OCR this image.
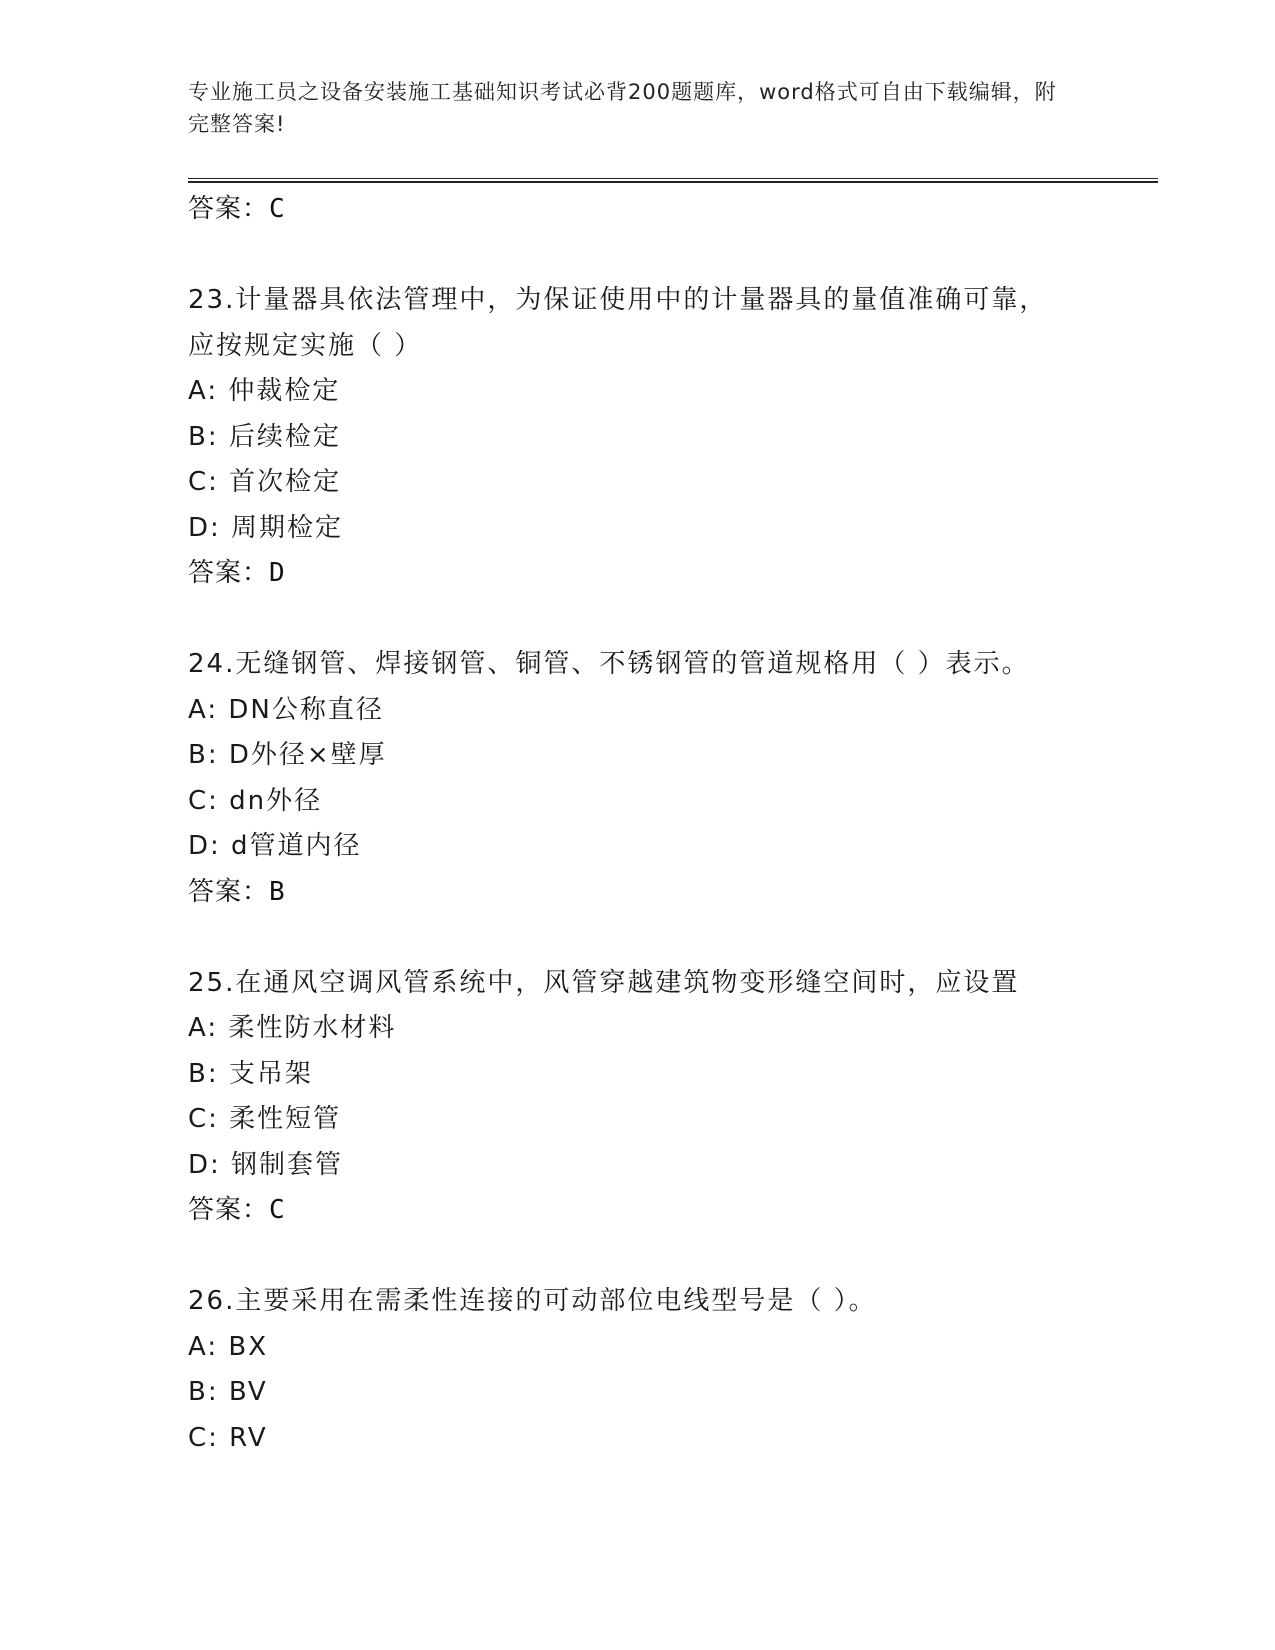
专业施工员之设备安装施工基础知识考试必背200题题库，word格式可自由下载编辑，附完整答案!
答案：C
23.计量器具依法管理中，为保证使用中的计量器具的量值准确可靠，
应按规定实施（ ）
A: 仲裁检定
B: 后续检定
C: 首次检定
D: 周期检定
答案：D
24.无缝钢管、焊接钢管、铜管、不锈钢管的管道规格用（ ）表示。
A: DN公称直径
B: D外径×壁厚
C: dn外径
D: d管道内径
答案：B
25.在通风空调风管系统中，风管穿越建筑物变形缝空间时，应设置
A: 柔性防水材料
B: 支吊架
C: 柔性短管
D: 钢制套管
答案：C
26.主要采用在需柔性连接的可动部位电线型号是（ ）。
A: BX
B: BV
C: RV
